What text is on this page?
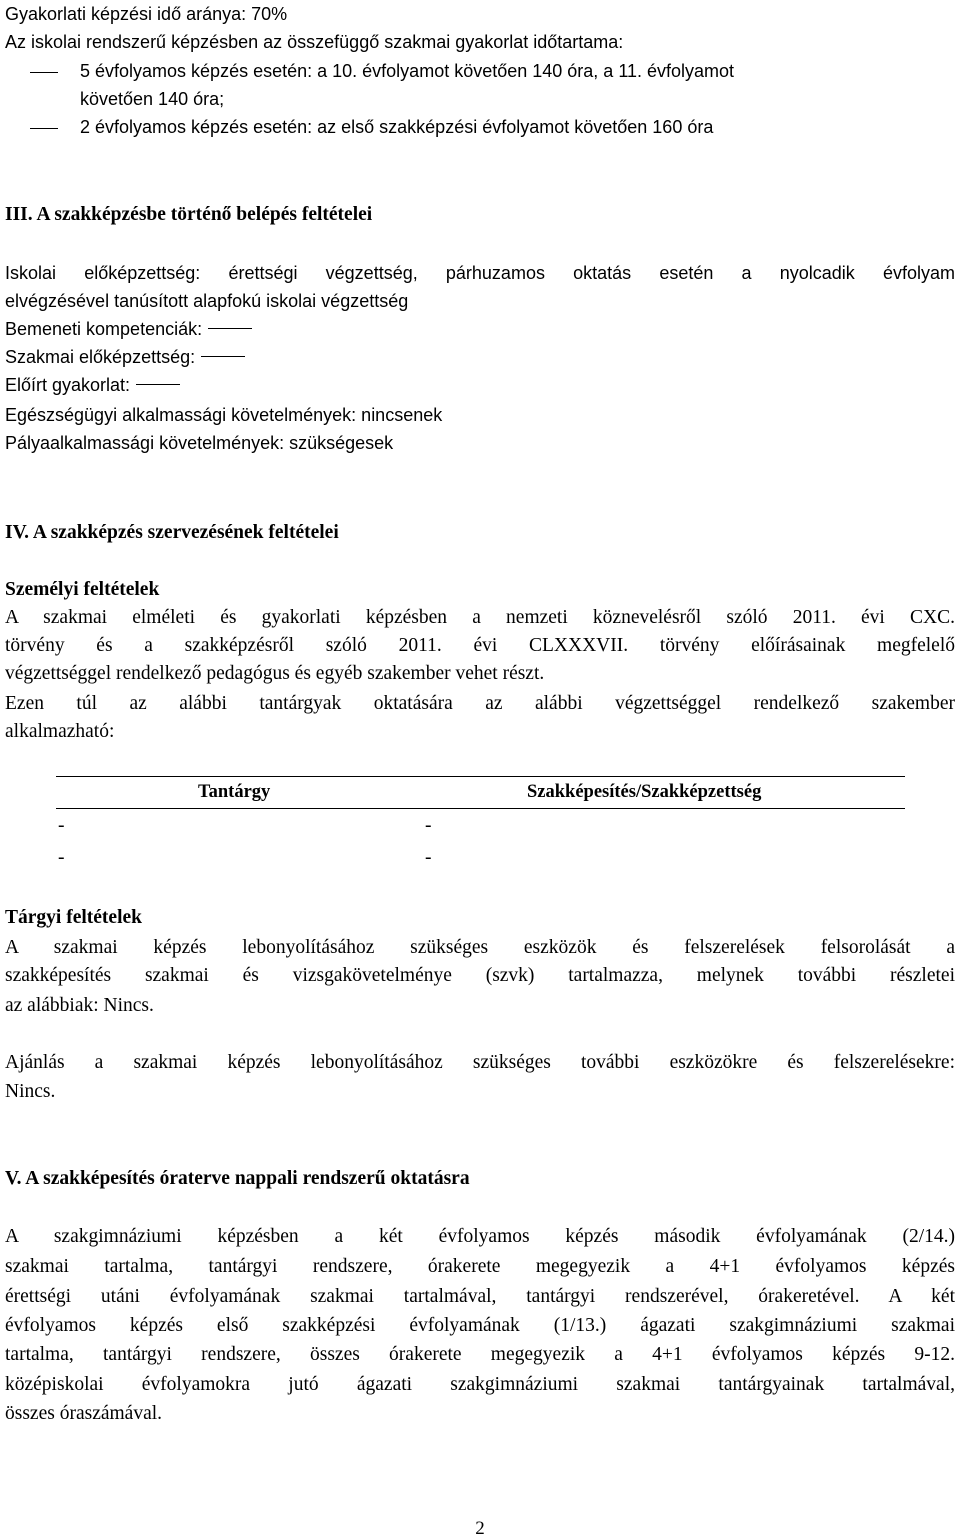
Gyakorlati képzési idő aránya: 70%
Az iskolai rendszerű képzésben az összefüggő szakmai gyakorlat időtartama:
5 évfolyamos képzés esetén: a 10. évfolyamot követően 140 óra, a 11. évfolyamot
követően 140 óra;
2 évfolyamos képzés esetén: az első szakképzési évfolyamot követően 160 óra
III. A szakképzésbe történő belépés feltételei
Iskolai előképzettség: érettségi végzettség, párhuzamos oktatás esetén a nyolcadik évfolyam
elvégzésével tanúsított alapfokú iskolai végzettség
Bemeneti kompetenciák:
Szakmai előképzettség:
Előírt gyakorlat:
Egészségügyi alkalmassági követelmények: nincsenek
Pályaalkalmassági követelmények: szükségesek
IV. A szakképzés szervezésének feltételei
Személyi feltételek
A szakmai elméleti és gyakorlati képzésben a nemzeti köznevelésről szóló 2011. évi CXC.
törvény és a szakképzésről szóló 2011. évi CLXXXVII. törvény előírásainak megfelelő
végzettséggel rendelkező pedagógus és egyéb szakember vehet részt.
Ezen túl az alábbi tantárgyak oktatására az alábbi végzettséggel rendelkező szakember
alkalmazható:
Tantárgy	Szakképesítés/Szakképzettség
-	-
-	-
Tárgyi feltételek
A szakmai képzés lebonyolításához szükséges eszközök és felszerelések felsorolását a
szakképesítés szakmai és vizsgakövetelménye (szvk) tartalmazza, melynek további részletei
az alábbiak: Nincs.
Ajánlás a szakmai képzés lebonyolításához szükséges további eszközökre és felszerelésekre:
Nincs.
V. A szakképesítés óraterve nappali rendszerű oktatásra
A szakgimnáziumi képzésben a két évfolyamos képzés második évfolyamának (2/14.)
szakmai tartalma, tantárgyi rendszere, órakerete megegyezik a 4+1 évfolyamos képzés
érettségi utáni évfolyamának szakmai tartalmával, tantárgyi rendszerével, órakeretével. A két
évfolyamos képzés első szakképzési évfolyamának (1/13.) ágazati szakgimnáziumi szakmai
tartalma, tantárgyi rendszere, összes órakerete megegyezik a 4+1 évfolyamos képzés 9-12.
középiskolai évfolyamokra jutó ágazati szakgimnáziumi szakmai tantárgyainak tartalmával,
összes óraszámával.
2
